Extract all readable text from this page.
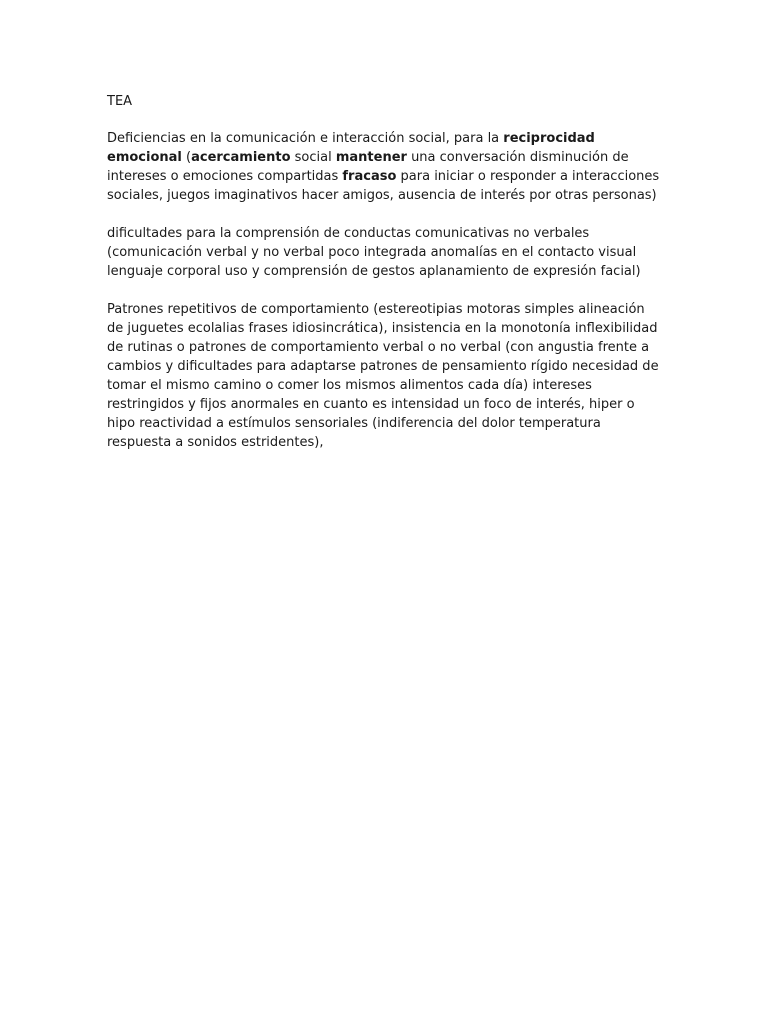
TEA

Deficiencias en la comunicación e interacción social, para la reciprocidad emocional (acercamiento social mantener una conversación disminución de intereses o emociones compartidas fracaso para iniciar o responder a interacciones sociales, juegos imaginativos hacer amigos, ausencia de interés por otras personas)

dificultades para la comprensión de conductas comunicativas no verbales (comunicación verbal y no verbal poco integrada anomalías en el contacto visual lenguaje corporal uso y comprensión de gestos aplanamiento de expresión facial)

Patrones repetitivos de comportamiento (estereotipias motoras simples alineación de juguetes ecolalias frases idiosincrática), insistencia en la monotonía inflexibilidad de rutinas o patrones de comportamiento verbal o no verbal (con angustia frente a cambios y dificultades para adaptarse patrones de pensamiento rígido necesidad de tomar el mismo camino o comer los mismos alimentos cada día) intereses restringidos y fijos anormales en cuanto es intensidad un foco de interés, hiper o hipo reactividad a estímulos sensoriales (indiferencia del dolor temperatura respuesta a sonidos estridentes),
